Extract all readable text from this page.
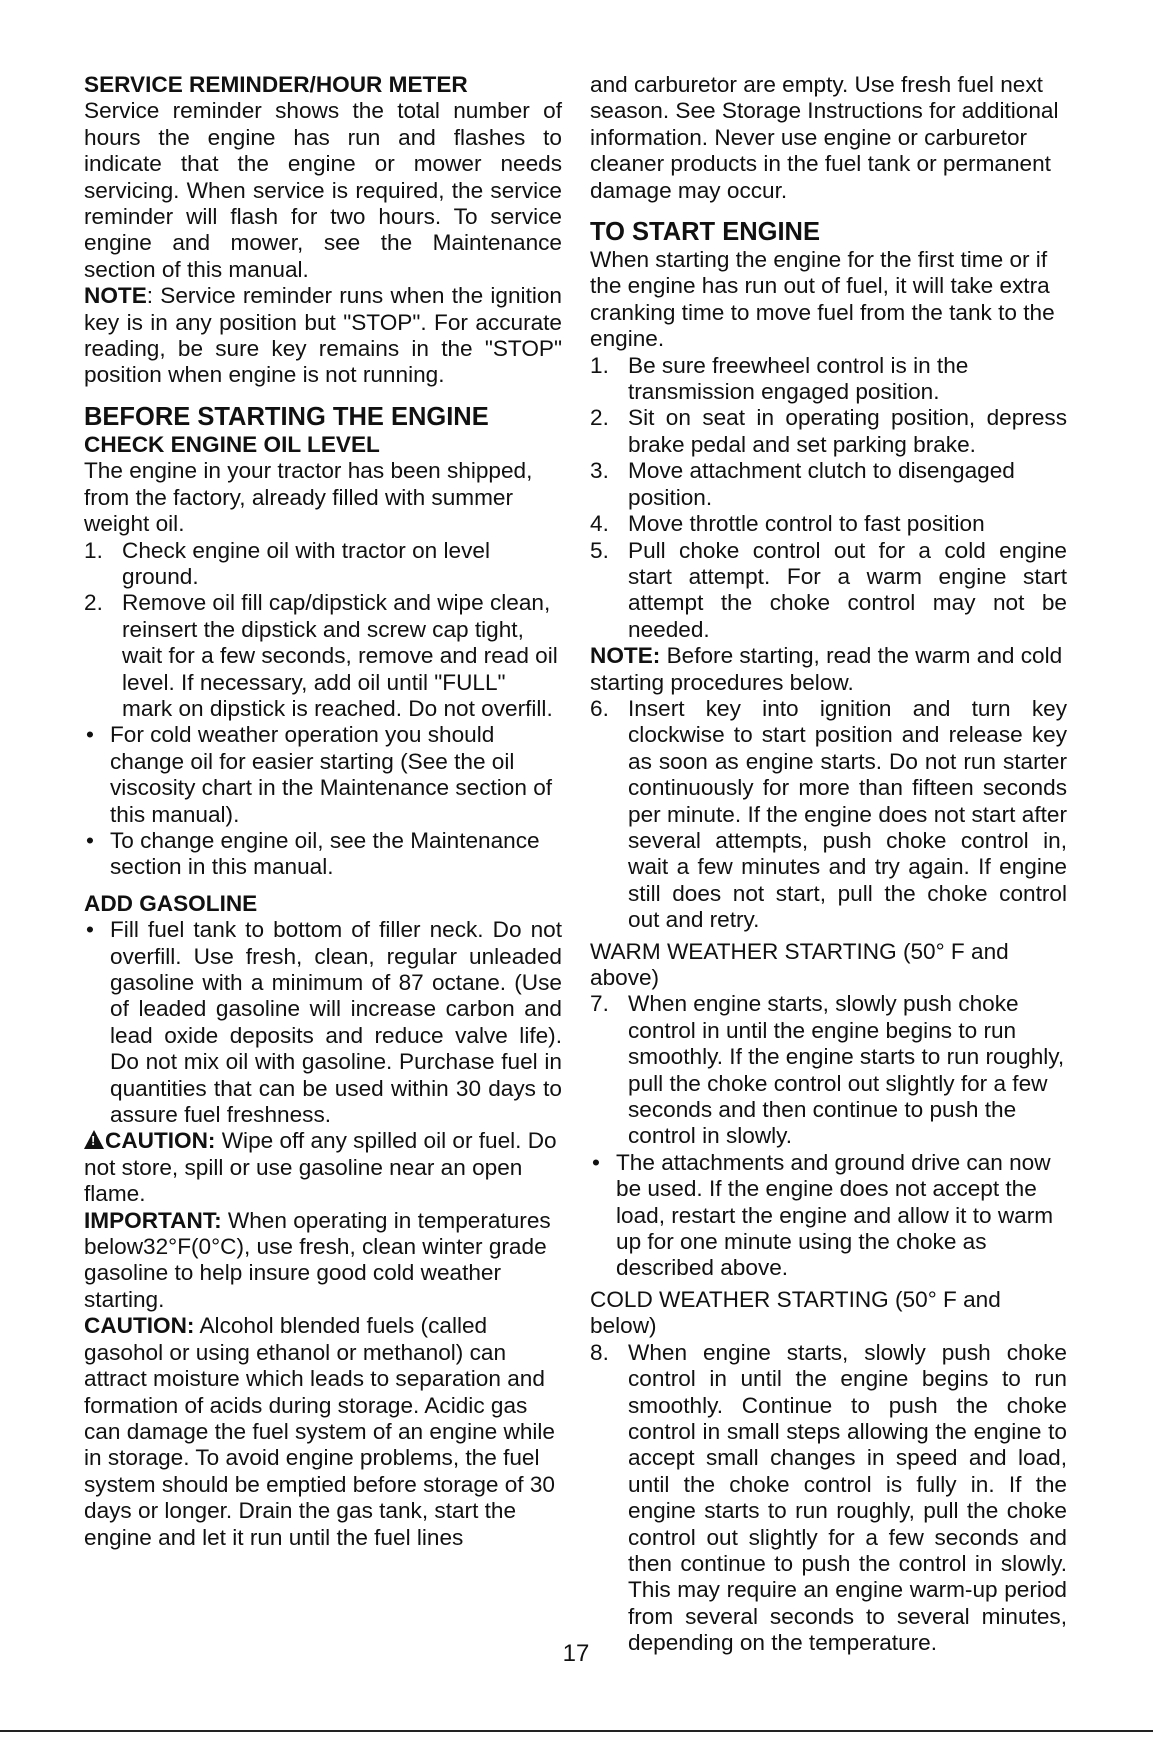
SERVICE REMINDER/HOUR METER

Service reminder shows the total number of hours the engine has run and flashes to indicate that the engine or mower needs servicing. When service is required, the service reminder will flash for two hours. To service engine and mower, see the Maintenance section of this manual.

NOTE: Service reminder runs when the ignition key is in any position but "STOP". For accurate reading, be sure key remains in the "STOP" position when engine is not running.

BEFORE STARTING THE ENGINE

CHECK ENGINE OIL LEVEL

The engine in your tractor has been shipped, from the factory, already filled with summer weight oil.

1. Check engine oil with tractor on level ground.

2. Remove oil fill cap/dipstick and wipe clean, reinsert the dipstick and screw cap tight, wait for a few seconds, remove and read oil level. If necessary, add oil until "FULL" mark on dipstick is reached. Do not overfill.

• For cold weather operation you should change oil for easier starting (See the oil viscosity chart in the Maintenance section of this manual).

• To change engine oil, see the Maintenance section in this manual.

ADD GASOLINE

• Fill fuel tank to bottom of filler neck. Do not overfill. Use fresh, clean, regular unleaded gasoline with a minimum of 87 octane. (Use of leaded gasoline will increase carbon and lead oxide deposits and reduce valve life). Do not mix oil with gasoline. Purchase fuel in quantities that can be used within 30 days to assure fuel freshness.

!CAUTION: Wipe off any spilled oil or fuel. Do not store, spill or use gasoline near an open flame.

IMPORTANT: When operating in temperatures below32°F(0°C), use fresh, clean winter grade gasoline to help insure good cold weather starting.

CAUTION: Alcohol blended fuels (called gasohol or using ethanol or methanol) can attract moisture which leads to separation and formation of acids during storage. Acidic gas can damage the fuel system of an engine while in storage. To avoid engine problems, the fuel system should be emptied before storage of 30 days or longer. Drain the gas tank, start the engine and let it run until the fuel lines

and carburetor are empty. Use fresh fuel next season. See Storage Instructions for additional information. Never use engine or carburetor cleaner products in the fuel tank or permanent damage may occur.

TO START ENGINE

When starting the engine for the first time or if the engine has run out of fuel, it will take extra cranking time to move fuel from the tank to the engine.

1. Be sure freewheel control is in the transmission engaged position.

2. Sit on seat in operating position, depress brake pedal and set parking brake.

3. Move attachment clutch to disengaged position.

4. Move throttle control to fast position

5. Pull choke control out for a cold engine start attempt. For a warm engine start attempt the choke control may not be needed.

NOTE: Before starting, read the warm and cold starting procedures below.

6. Insert key into ignition and turn key clockwise to start position and release key as soon as engine starts. Do not run starter continuously for more than fifteen seconds per minute. If the engine does not start after several attempts, push choke control in, wait a few minutes and try again. If engine still does not start, pull the choke control out and retry.

WARM WEATHER STARTING (50° F and above)

7. When engine starts, slowly push choke control in until the engine begins to run smoothly. If the engine starts to run roughly, pull the choke control out slightly for a few seconds and then continue to push the control in slowly.

• The attachments and ground drive can now be used. If the engine does not accept the load, restart the engine and allow it to warm up for one minute using the choke as described above.

COLD WEATHER STARTING (50° F and below)

8. When engine starts, slowly push choke control in until the engine begins to run smoothly. Continue to push the choke control in small steps allowing the engine to accept small changes in speed and load, until the choke control is fully in. If the engine starts to run roughly, pull the choke control out slightly for a few seconds and then continue to push the control in slowly. This may require an engine warm-up period from several seconds to several minutes, depending on the temperature.

17
